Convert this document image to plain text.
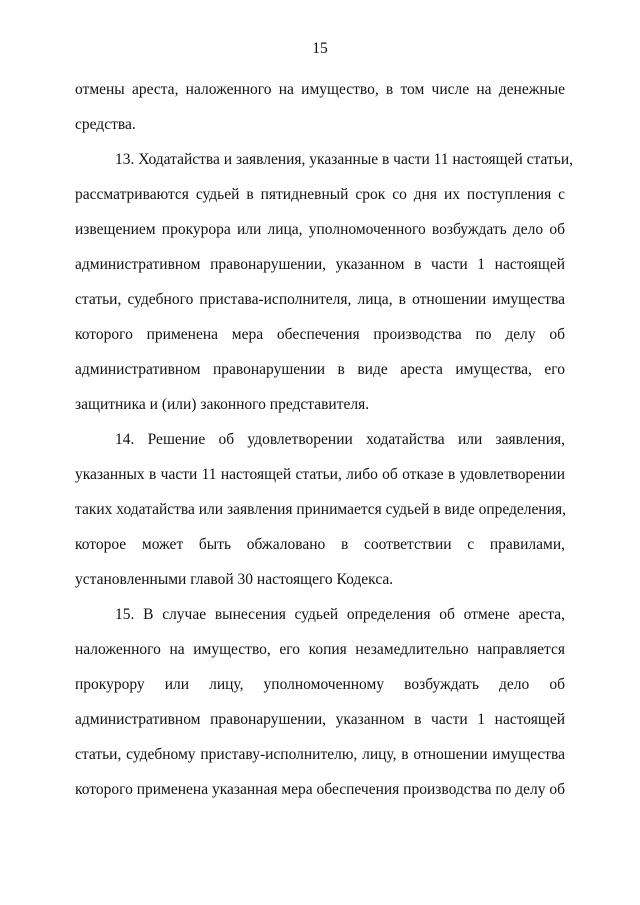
15
отмены ареста, наложенного на имущество, в том числе на денежные
средства.
13. Ходатайства и заявления, указанные в части 11 настоящей статьи,
рассматриваются судьей в пятидневный срок со дня их поступления с
извещением прокурора или лица, уполномоченного возбуждать дело об
административном правонарушении, указанном в части 1 настоящей
статьи, судебного пристава-исполнителя, лица, в отношении имущества
которого применена мера обеспечения производства по делу об
административном правонарушении в виде ареста имущества, его
защитника и (или) законного представителя.
14. Решение об удовлетворении ходатайства или заявления,
указанных в части 11 настоящей статьи, либо об отказе в удовлетворении
таких ходатайства или заявления принимается судьей в виде определения,
которое может быть обжаловано в соответствии с правилами,
установленными главой 30 настоящего Кодекса.
15. В случае вынесения судьей определения об отмене ареста,
наложенного на имущество, его копия незамедлительно направляется
прокурору или лицу, уполномоченному возбуждать дело об
административном правонарушении, указанном в части 1 настоящей
статьи, судебному приставу-исполнителю, лицу, в отношении имущества
которого применена указанная мера обеспечения производства по делу об
